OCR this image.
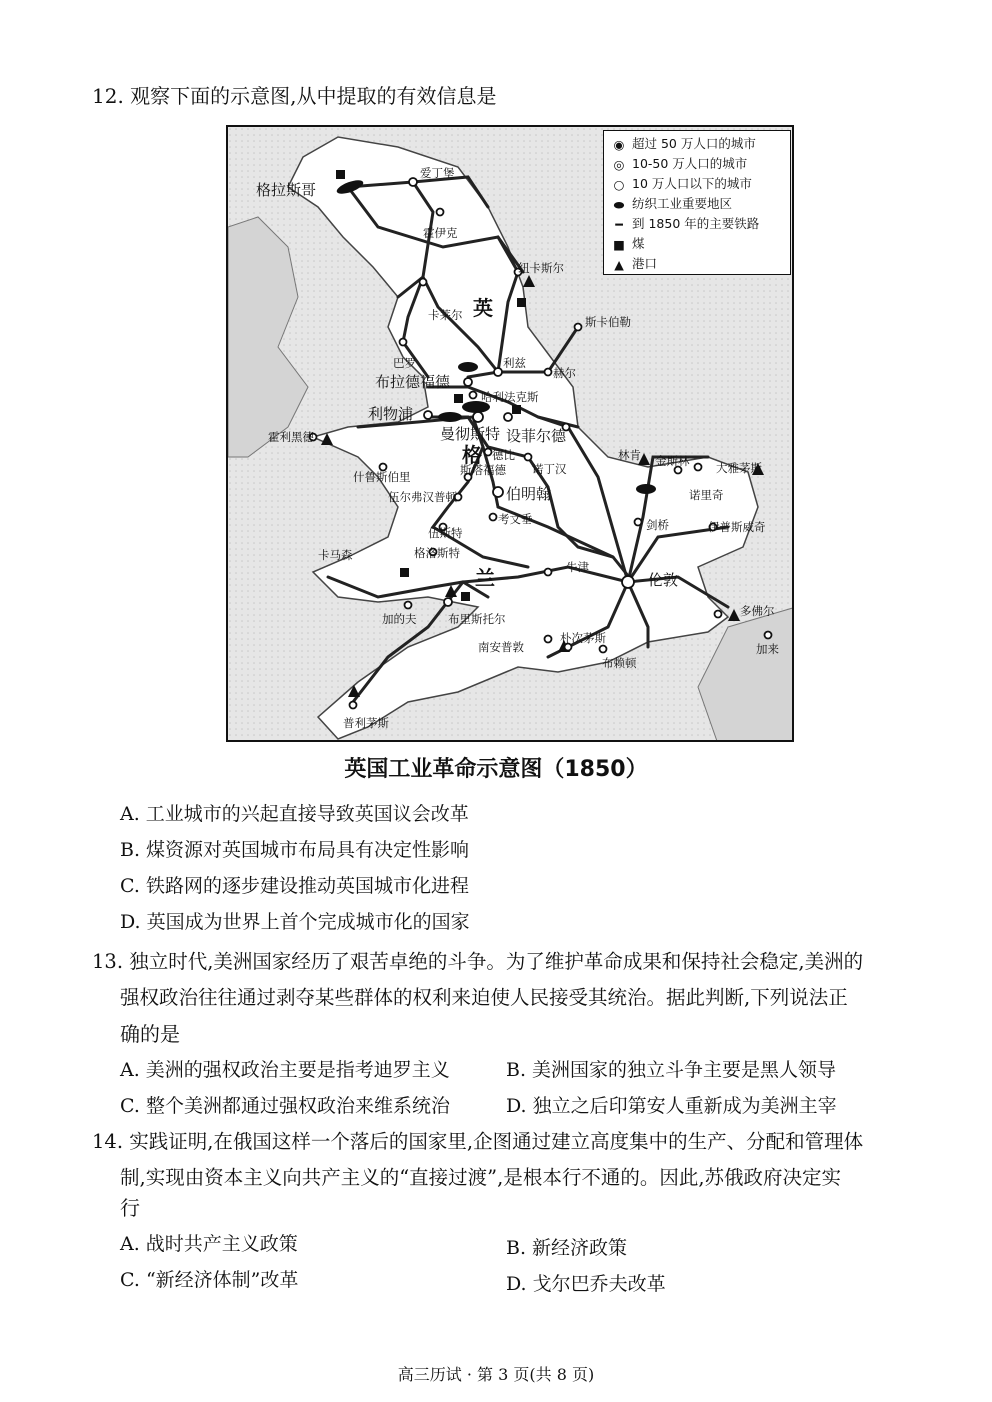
12. 观察下面的示意图,从中提取的有效信息是
◉ 超过 50 万人口的城市
◎ 10-50 万人口的城市
○ 10 万人口以下的城市
⬬ 纺织工业重要地区
━ 到 1850 年的主要铁路
■ 煤
▲ 港口
英
格
兰
格拉斯哥
爱丁堡
霍伊克
纽卡斯尔
卡莱尔	斯卡伯勒
巴罗	利兹
布拉德福德	赫尔
哈利法克斯
利物浦
曼彻斯特 设菲尔德
霍利黑德
德比	林肯
斯塔福德 诺丁汉
金斯林 大雅茅斯
什鲁斯伯里
伍尔弗汉普顿	伯明翰	诺里奇
考文垂	剑桥	伊普斯威奇
伍斯特
格洛斯特
卡马森
牛津
伦敦
加的夫	布里斯托尔
多佛尔
加来
南安普敦
朴次茅斯
布赖顿
普利茅斯
英国工业革命示意图（1850）
A. 工业城市的兴起直接导致英国议会改革
B. 煤资源对英国城市布局具有决定性影响
C. 铁路网的逐步建设推动英国城市化进程
D. 英国成为世界上首个完成城市化的国家
13. 独立时代,美洲国家经历了艰苦卓绝的斗争。为了维护革命成果和保持社会稳定,美洲的
强权政治往往通过剥夺某些群体的权利来迫使人民接受其统治。据此判断,下列说法正
确的是
A. 美洲的强权政治主要是指考迪罗主义	B. 美洲国家的独立斗争主要是黑人领导
C. 整个美洲都通过强权政治来维系统治	D. 独立之后印第安人重新成为美洲主宰
14. 实践证明,在俄国这样一个落后的国家里,企图通过建立高度集中的生产、分配和管理体
制,实现由资本主义向共产主义的“直接过渡”,是根本行不通的。因此,苏俄政府决定实
行
A. 战时共产主义政策	B. 新经济政策
C. “新经济体制”改革	D. 戈尔巴乔夫改革
高三历试 · 第 3 页(共 8 页)
